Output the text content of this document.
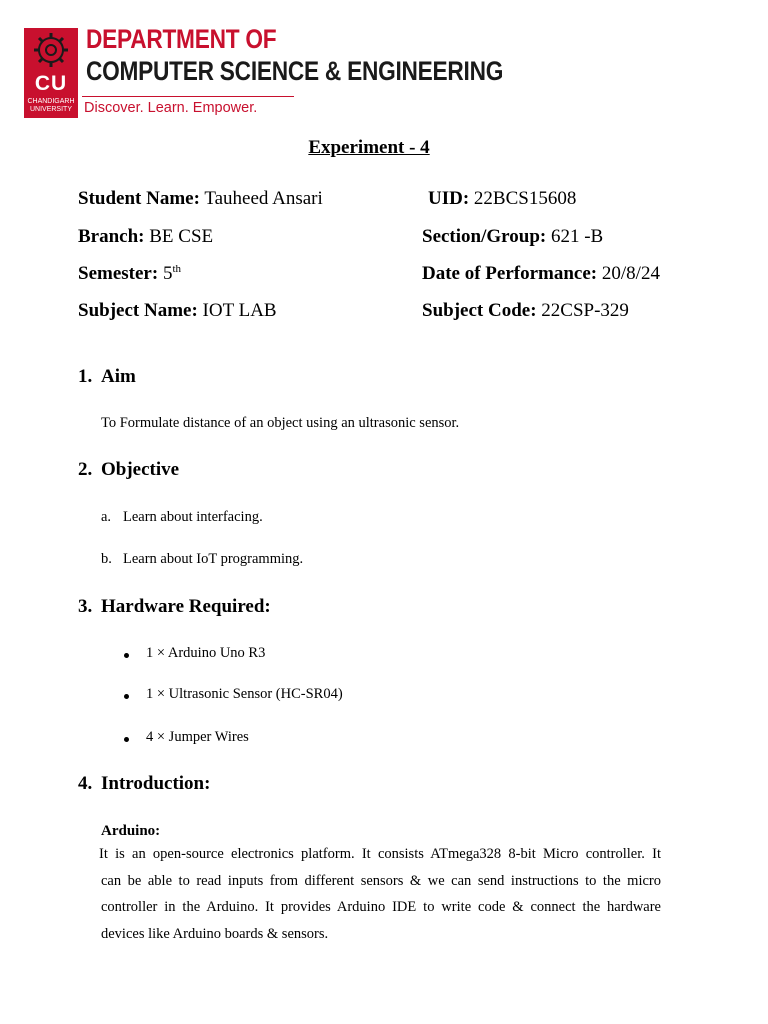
CU
CHANDIGARH UNIVERSITY
DEPARTMENT OF
COMPUTER SCIENCE & ENGINEERING
Discover. Learn. Empower.
Experiment - 4
Student Name: Tauheed Ansari	UID: 22BCS15608
Branch: BE CSE	Section/Group: 621 -B
Semester: 5th	Date of Performance: 20/8/24
Subject Name: IOT LAB	Subject Code: 22CSP-329
1. Aim
To Formulate distance of an object using an ultrasonic sensor.
2. Objective
a. Learn about interfacing.
b. Learn about IoT programming.
3. Hardware Required:
1 × Arduino Uno R3
1 × Ultrasonic Sensor (HC-SR04)
4 × Jumper Wires
4. Introduction:
Arduino:
It is an open-source electronics platform. It consists ATmega328 8-bit Micro controller. It
can be able to read inputs from different sensors & we can send instructions to the micro
controller in the Arduino. It provides Arduino IDE to write code & connect the hardware
devices like Arduino boards & sensors.
